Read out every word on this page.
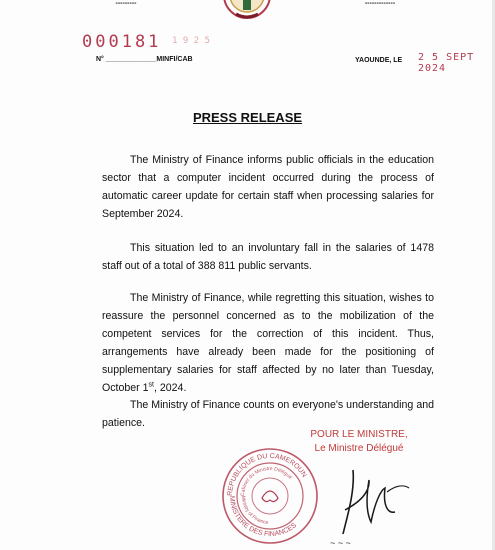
---------	-------------
000181 1 9 2 5
N° _____________MINFI/CAB	YAOUNDE, LE 2 5 SEPT 2024
PRESS RELEASE
The Ministry of Finance informs public officials in the education sector that a computer incident occurred during the process of automatic career update for certain staff when processing salaries for September 2024.
This situation led to an involuntary fall in the salaries of 1478 staff out of a total of 388 811 public servants.
The Ministry of Finance, while regretting this situation, wishes to reassure the personnel concerned as to the mobilization of the competent services for the correction of this incident. Thus, arrangements have already been made for the positioning of supplementary salaries for staff affected by no later than Tuesday, October 1st, 2024.
The Ministry of Finance counts on everyone's understanding and patience.
POUR LE MINISTRE,
Le Ministre Délégué
REPUBLIQUE DU CAMEROUN
MINISTERE DES FINANCES
Cabinet du Ministre Délégué
Ministry of Finance
~ ~ ~
